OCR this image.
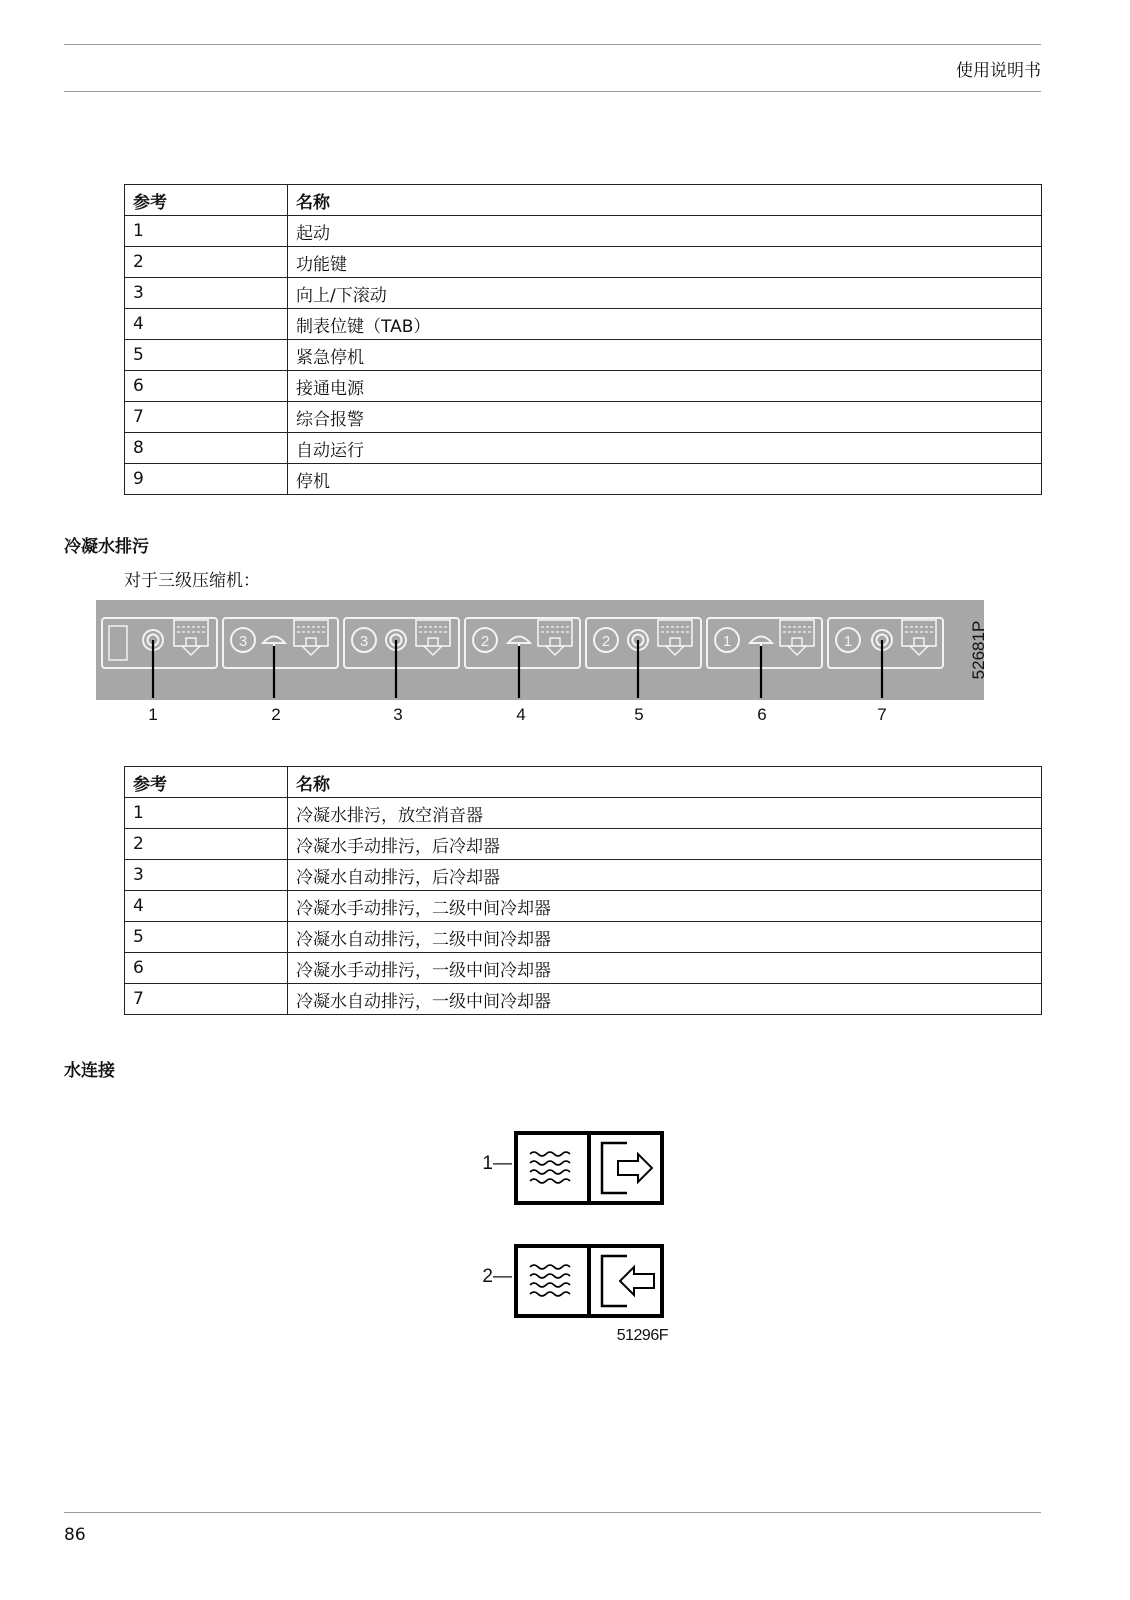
使用说明书
参考	名称
1	起动
2	功能键
3	向上/下滚动
4	制表位键（TAB）
5	紧急停机
6	接通电源
7	综合报警
8	自动运行
9	停机
冷凝水排污
对于三级压缩机：
3	3	2	2	1	1
1	2	3	4	5	6	7
52681P
参考	名称
1	冷凝水排污，放空消音器
2	冷凝水手动排污，后冷却器
3	冷凝水自动排污，后冷却器
4	冷凝水手动排污，二级中间冷却器
5	冷凝水自动排污，二级中间冷却器
6	冷凝水手动排污，一级中间冷却器
7	冷凝水自动排污，一级中间冷却器
水连接
1—
2—
51296F
86
